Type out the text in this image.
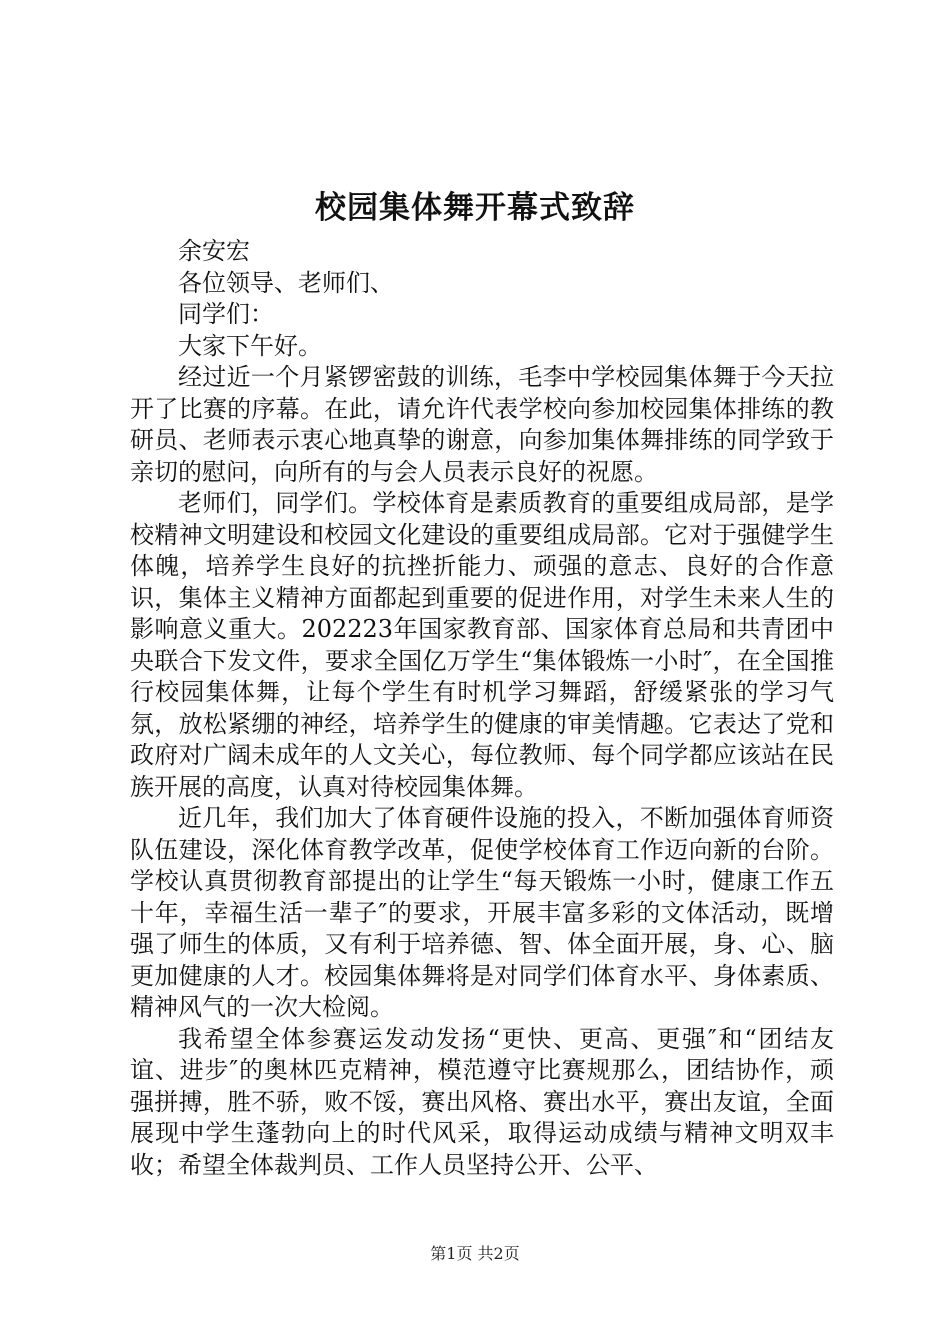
校园集体舞开幕式致辞

余安宏

各位领导、老师们、

同学们：

大家下午好。

经过近一个月紧锣密鼓的训练，毛李中学校园集体舞于今天拉开了比赛的序幕。在此，请允许代表学校向参加校园集体排练的教研员、老师表示衷心地真挚的谢意，向参加集体舞排练的同学致于亲切的慰问，向所有的与会人员表示良好的祝愿。

老师们，同学们。学校体育是素质教育的重要组成局部，是学校精神文明建设和校园文化建设的重要组成局部。它对于强健学生体魄，培养学生良好的抗挫折能力、顽强的意志、良好的合作意识，集体主义精神方面都起到重要的促进作用，对学生未来人生的影响意义重大。202223年国家教育部、国家体育总局和共青团中央联合下发文件，要求全国亿万学生“集体锻炼一小时″，在全国推行校园集体舞，让每个学生有时机学习舞蹈，舒缓紧张的学习气氛，放松紧绷的神经，培养学生的健康的审美情趣。它表达了党和政府对广阔未成年的人文关心，每位教师、每个同学都应该站在民族开展的高度，认真对待校园集体舞。

近几年，我们加大了体育硬件设施的投入，不断加强体育师资队伍建设，深化体育教学改革，促使学校体育工作迈向新的台阶。学校认真贯彻教育部提出的让学生“每天锻炼一小时，健康工作五十年，幸福生活一辈子″的要求，开展丰富多彩的文体活动，既增强了师生的体质，又有利于培养德、智、体全面开展，身、心、脑更加健康的人才。校园集体舞将是对同学们体育水平、身体素质、精神风气的一次大检阅。

我希望全体参赛运发动发扬“更快、更高、更强″和“团结友谊、进步″的奥林匹克精神，模范遵守比赛规那么，团结协作，顽强拼搏，胜不骄，败不馁，赛出风格、赛出水平，赛出友谊，全面展现中学生蓬勃向上的时代风采，取得运动成绩与精神文明双丰收；希望全体裁判员、工作人员坚持公开、公平、

第1页 共2页
